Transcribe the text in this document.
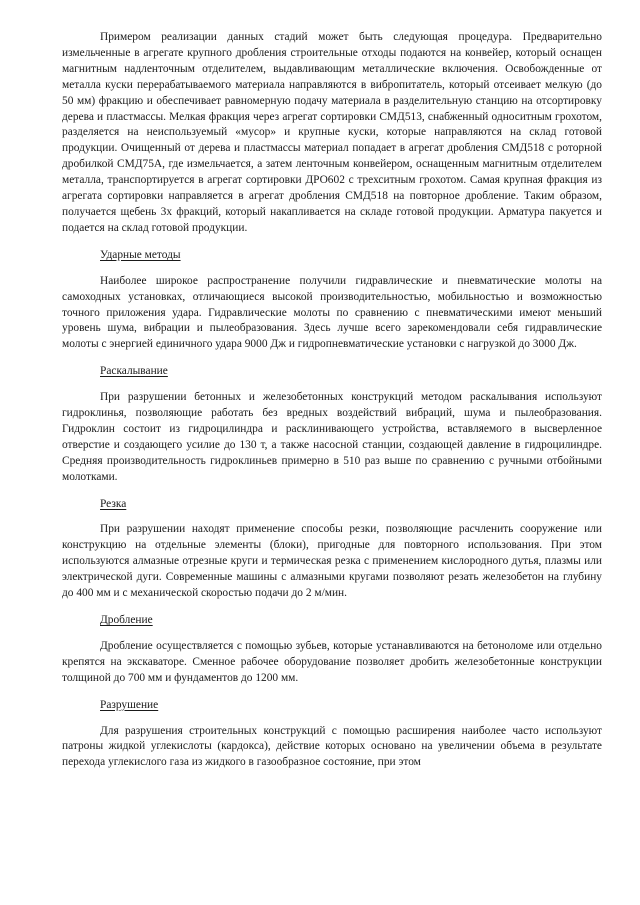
Примером реализации данных стадий может быть следующая процедура. Предварительно измельченные в агрегате крупного дробления строительные отходы подаются на конвейер, который оснащен магнитным надленточным отделителем, выдавливающим металлические включения. Освобожденные от металла куски перерабатываемого материала направляются в вибропитатель, который отсеивает мелкую (до 50 мм) фракцию и обеспечивает равномерную подачу материала в разделительную станцию на отсортировку дерева и пластмассы. Мелкая фракция через агрегат сортировки СМД513, снабженный односитным грохотом, разделяется на неиспользуемый «мусор» и крупные куски, которые направляются на склад готовой продукции. Очищенный от дерева и пластмассы материал попадает в агрегат дробления СМД518 с роторной дробилкой СМД75А, где измельчается, а затем ленточным конвейером, оснащенным магнитным отделителем металла, транспортируется в агрегат сортировки ДРО602 с трехситным грохотом. Самая крупная фракция из агрегата сортировки направляется в агрегат дробления СМД518 на повторное дробление. Таким образом, получается щебень 3х фракций, который накапливается на складе готовой продукции. Арматура пакуется и подается на склад готовой продукции.

Ударные методы

Наиболее широкое распространение получили гидравлические и пневматические молоты на самоходных установках, отличающиеся высокой производительностью, мобильностью и возможностью точного приложения удара. Гидравлические молоты по сравнению с пневматическими имеют меньший уровень шума, вибрации и пылеобразования. Здесь лучше всего зарекомендовали себя гидравлические молоты с энергией единичного удара 9000 Дж и гидропневматические установки с нагрузкой до 3000 Дж.

Раскалывание

При разрушении бетонных и железобетонных конструкций методом раскалывания используют гидроклинья, позволяющие работать без вредных воздействий вибраций, шума и пылеобразования. Гидроклин состоит из гидроцилиндра и расклинивающего устройства, вставляемого в высверленное отверстие и создающего усилие до 130 т, а также насосной станции, создающей давление в гидроцилиндре. Средняя производительность гидроклиньев примерно в 510 раз выше по сравнению с ручными отбойными молотками.

Резка

При разрушении находят применение способы резки, позволяющие расчленить сооружение или конструкцию на отдельные элементы (блоки), пригодные для повторного использования. При этом используются алмазные отрезные круги и термическая резка с применением кислородного дутья, плазмы или электрической дуги. Современные машины с алмазными кругами позволяют резать железобетон на глубину до 400 мм и с механической скоростью подачи до 2 м/мин.

Дробление

Дробление осуществляется с помощью зубьев, которые устанавливаются на бетоноломе или отдельно крепятся на экскаваторе. Сменное рабочее оборудование позволяет дробить железобетонные конструкции толщиной до 700 мм и фундаментов до 1200 мм.

Разрушение

Для разрушения строительных конструкций с помощью расширения наиболее часто используют патроны жидкой углекислоты (кардокса), действие которых основано на увеличении объема в результате перехода углекислого газа из жидкого в газообразное состояние, при этом
